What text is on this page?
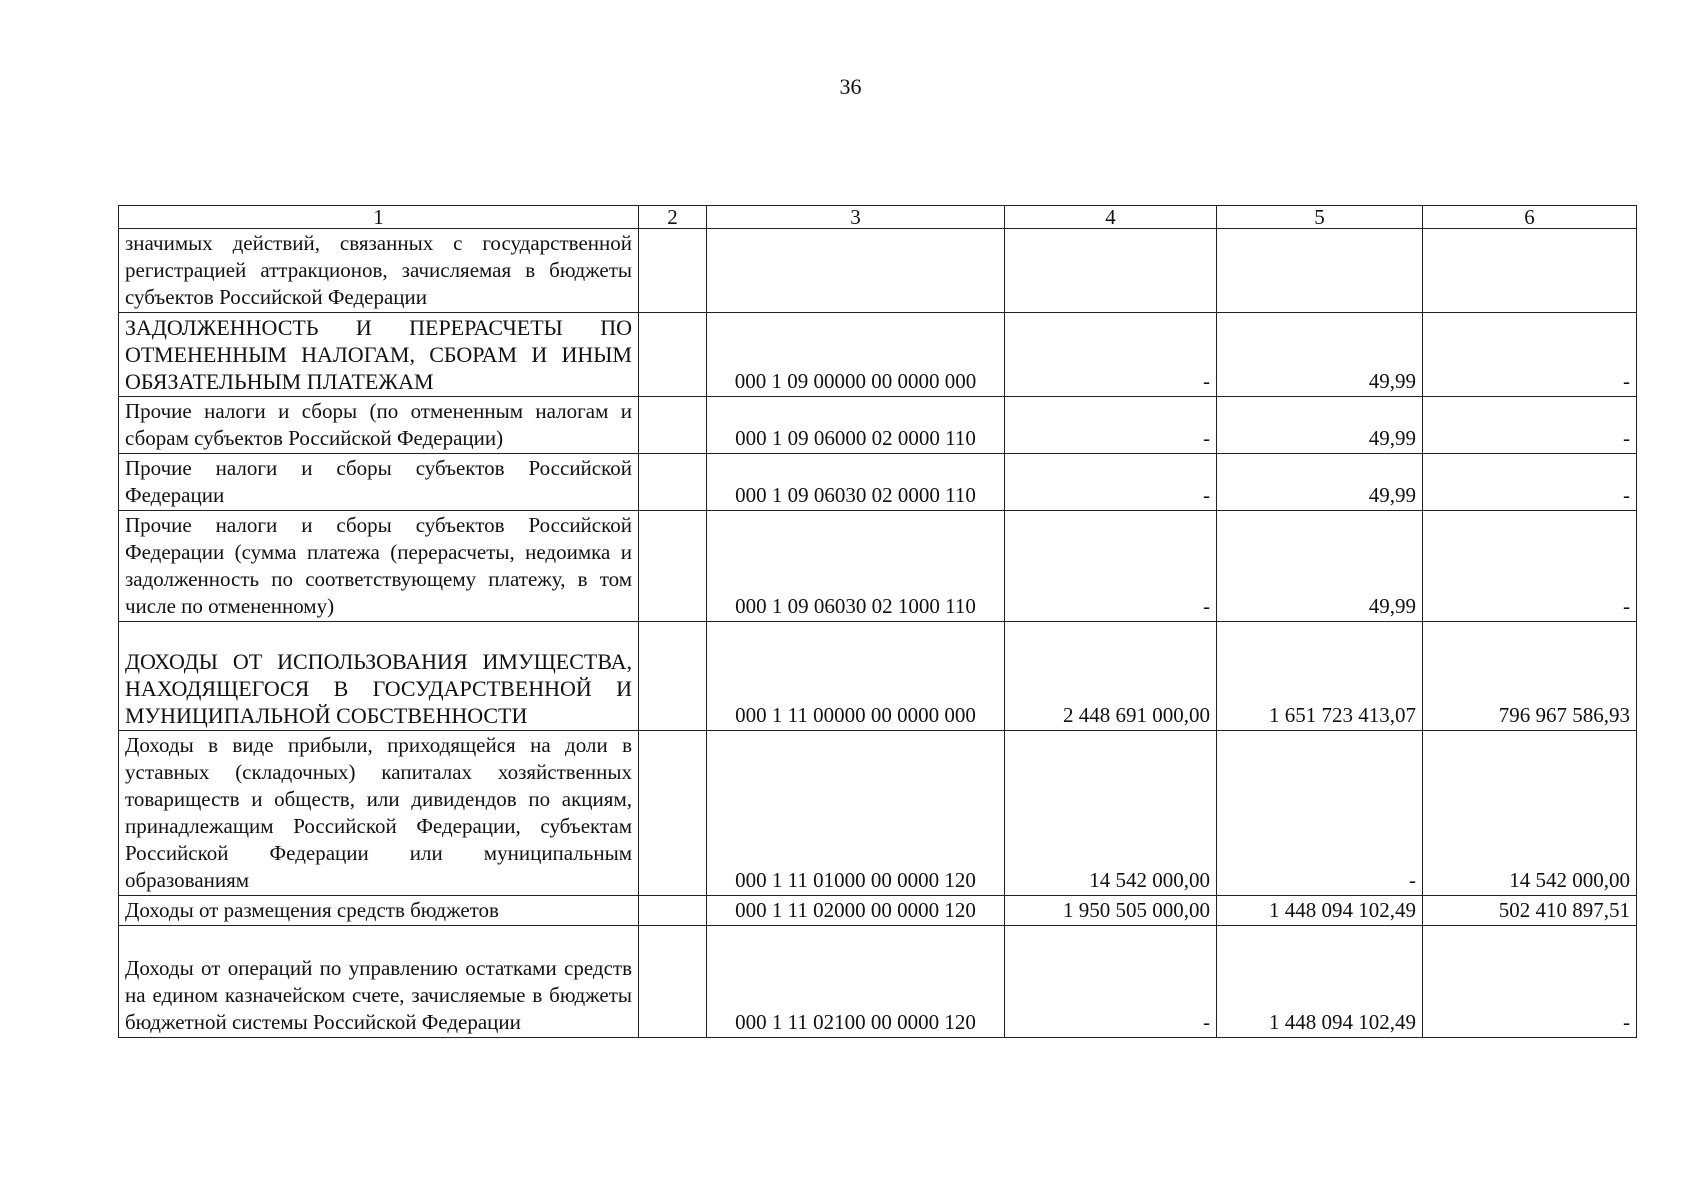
36
1	2	3	4	5	6
значимых действий, связанных с государственной регистрацией аттракционов, зачисляемая в бюджеты субъектов Российской Федерации					
ЗАДОЛЖЕННОСТЬ И ПЕРЕРАСЧЕТЫ ПО ОТМЕНЕННЫМ НАЛОГАМ, СБОРАМ И ИНЫМ ОБЯЗАТЕЛЬНЫМ ПЛАТЕЖАМ		000 1 09 00000 00 0000 000	-	49,99	-
Прочие налоги и сборы (по отмененным налогам и сборам субъектов Российской Федерации)		000 1 09 06000 02 0000 110	-	49,99	-
Прочие налоги и сборы субъектов Российской Федерации		000 1 09 06030 02 0000 110	-	49,99	-
Прочие налоги и сборы субъектов Российской Федерации (сумма платежа (перерасчеты, недоимка и задолженность по соответствующему платежу, в том числе по отмененному)		000 1 09 06030 02 1000 110	-	49,99	-
ДОХОДЫ ОТ ИСПОЛЬЗОВАНИЯ ИМУЩЕСТВА, НАХОДЯЩЕГОСЯ В ГОСУДАРСТВЕННОЙ И МУНИЦИПАЛЬНОЙ СОБСТВЕННОСТИ		000 1 11 00000 00 0000 000	2 448 691 000,00	1 651 723 413,07	796 967 586,93
Доходы в виде прибыли, приходящейся на доли в уставных (складочных) капиталах хозяйственных товариществ и обществ, или дивидендов по акциям, принадлежащим Российской Федерации, субъектам Российской Федерации или муниципальным образованиям		000 1 11 01000 00 0000 120	14 542 000,00	-	14 542 000,00
Доходы от размещения средств бюджетов		000 1 11 02000 00 0000 120	1 950 505 000,00	1 448 094 102,49	502 410 897,51
Доходы от операций по управлению остатками средств на едином казначейском счете, зачисляемые в бюджеты бюджетной системы Российской Федерации		000 1 11 02100 00 0000 120	-	1 448 094 102,49	-
